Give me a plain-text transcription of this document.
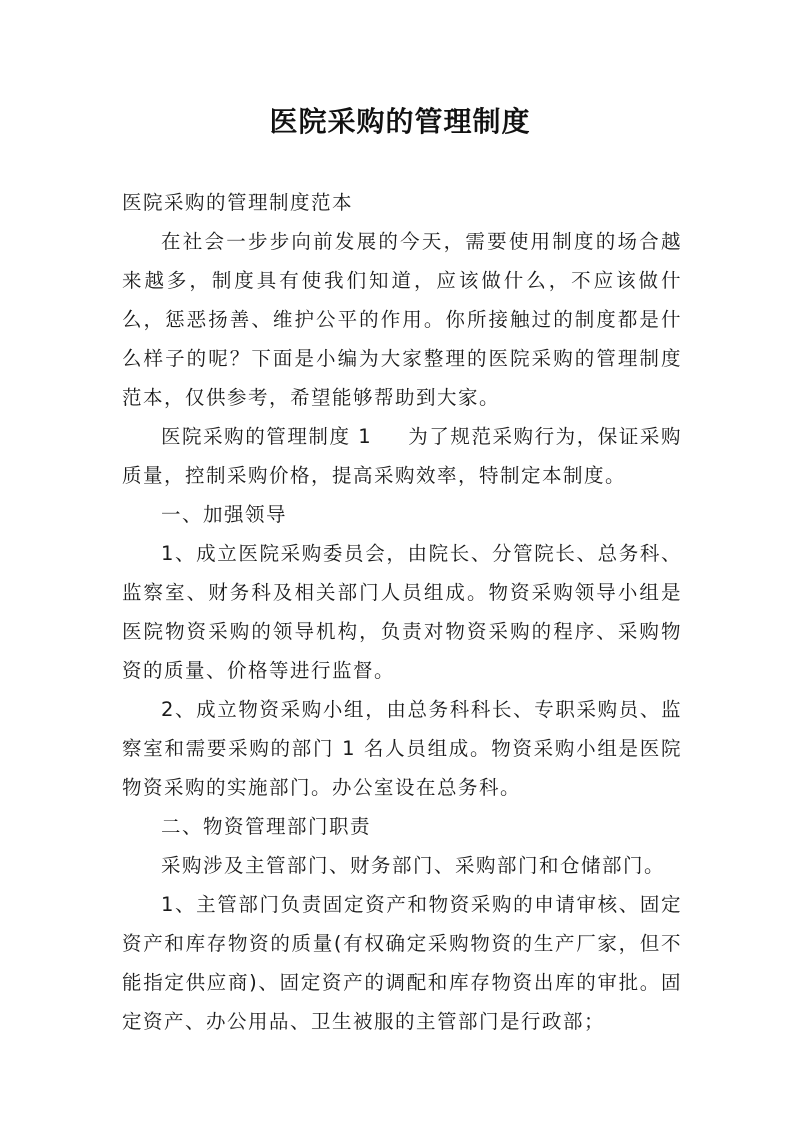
医院采购的管理制度

医院采购的管理制度范本

在社会一步步向前发展的今天，需要使用制度的场合越来越多，制度具有使我们知道，应该做什么，不应该做什么，惩恶扬善、维护公平的作用。你所接触过的制度都是什么样子的呢？下面是小编为大家整理的医院采购的管理制度范本，仅供参考，希望能够帮助到大家。

医院采购的管理制度 1 为了规范采购行为，保证采购质量，控制采购价格，提高采购效率，特制定本制度。

一、加强领导

1、成立医院采购委员会，由院长、分管院长、总务科、监察室、财务科及相关部门人员组成。物资采购领导小组是医院物资采购的领导机构，负责对物资采购的程序、采购物资的质量、价格等进行监督。

2、成立物资采购小组，由总务科科长、专职采购员、监察室和需要采购的部门 1 名人员组成。物资采购小组是医院物资采购的实施部门。办公室设在总务科。

二、物资管理部门职责

采购涉及主管部门、财务部门、采购部门和仓储部门。

1、主管部门负责固定资产和物资采购的申请审核、固定资产和库存物资的质量(有权确定采购物资的生产厂家，但不能指定供应商)、固定资产的调配和库存物资出库的审批。固定资产、办公用品、卫生被服的主管部门是行政部；
